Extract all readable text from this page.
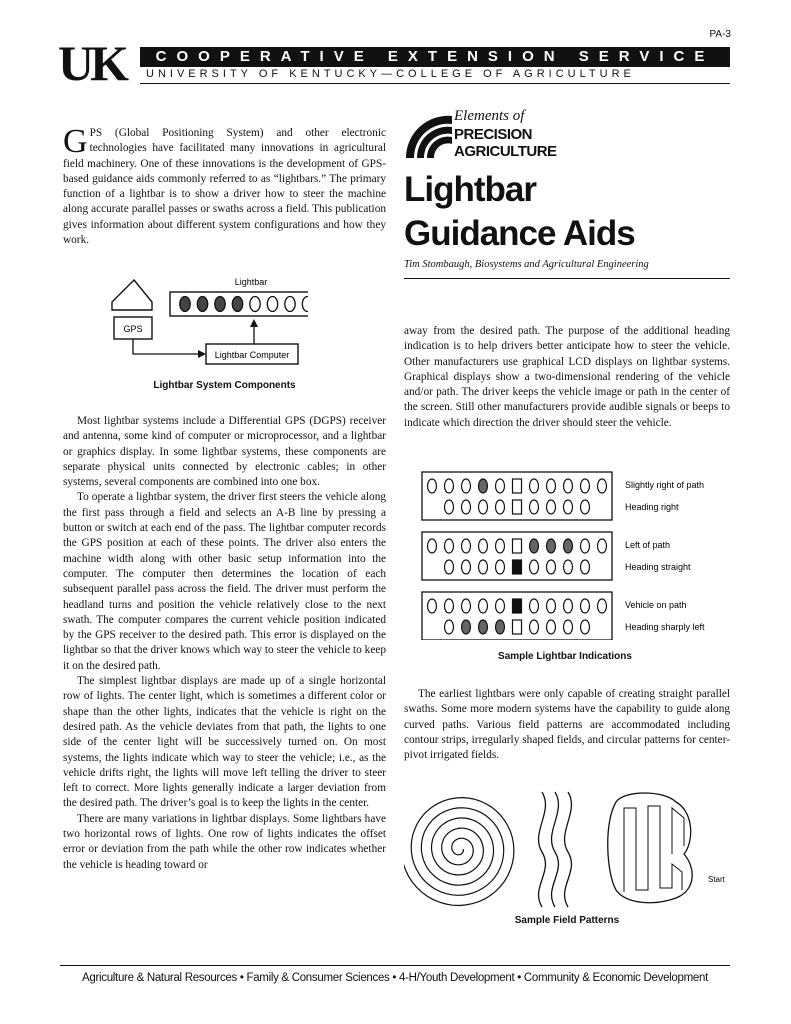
PA-3
UK	COOPERATIVE EXTENSION SERVICE
UNIVERSITY OF KENTUCKY—COLLEGE OF AGRICULTURE
Elements of
PRECISION
AGRICULTURE
Lightbar
Guidance Aids
Tim Stombaugh, Biosystems and Agricultural Engineering

G PS (Global Positioning System) and other electronic technologies have facilitated many innovations in agricultural field machinery. One of these innovations is the development of GPS-based guidance aids commonly referred to as “lightbars.” The primary function of a lightbar is to show a driver how to steer the machine along accurate parallel passes or swaths across a field. This publication gives information about different system configurations and how they work.

Lightbar
GPS
Lightbar Computer
Lightbar System Components

Most lightbar systems include a Differential GPS (DGPS) receiver and antenna, some kind of computer or microprocessor, and a lightbar or graphics display. In some lightbar systems, these components are separate physical units connected by electronic cables; in other systems, several components are combined into one box.

To operate a lightbar system, the driver first steers the vehicle along the first pass through a field and selects an A-B line by pressing a button or switch at each end of the pass. The lightbar computer records the GPS position at each of these points. The driver also enters the machine width along with other basic setup information into the computer. The computer then determines the location of each subsequent parallel pass across the field. The driver must perform the headland turns and position the vehicle relatively close to the next swath. The computer compares the current vehicle position indicated by the GPS receiver to the desired path. This error is displayed on the lightbar so that the driver knows which way to steer the vehicle to keep it on the desired path.

The simplest lightbar displays are made up of a single horizontal row of lights. The center light, which is sometimes a different color or shape than the other lights, indicates that the vehicle is right on the desired path. As the vehicle deviates from that path, the lights to one side of the center light will be successively turned on. On most systems, the lights indicate which way to steer the vehicle; i.e., as the vehicle drifts right, the lights will move left telling the driver to steer left to correct. More lights generally indicate a larger deviation from the desired path. The driver’s goal is to keep the lights in the center.

There are many variations in lightbar displays. Some lightbars have two horizontal rows of lights. One row of lights indicates the offset error or deviation from the path while the other row indicates whether the vehicle is heading toward or

away from the desired path. The purpose of the additional heading indication is to help drivers better anticipate how to steer the vehicle. Other manufacturers use graphical LCD displays on lightbar systems. Graphical displays show a two-dimensional rendering of the vehicle and/or path. The driver keeps the vehicle image or path in the center of the screen. Still other manufacturers provide audible signals or beeps to indicate which direction the driver should steer the vehicle.

Slightly right of path
Heading right
Left of path
Heading straight
Vehicle on path
Heading sharply left
Sample Lightbar Indications

The earliest lightbars were only capable of creating straight parallel swaths. Some more modern systems have the capability to guide along curved paths. Various field patterns are accommodated including contour strips, irregularly shaped fields, and circular patterns for center-pivot irrigated fields.

Start
Sample Field Patterns
Agriculture & Natural Resources • Family & Consumer Sciences • 4-H/Youth Development • Community & Economic Development
